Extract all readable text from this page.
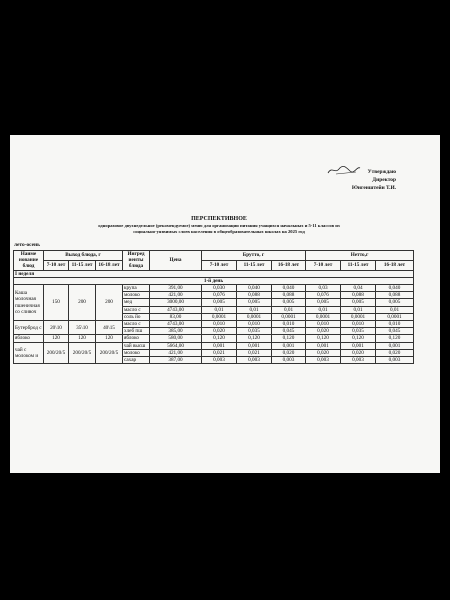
Утверждаю
Директор
Юнгенштейн Т.И.
ПЕРСПЕКТИВНОЕ
одноразовое двухнедельное (рекомендуемое) меню для организации питания учащихся начальных и 5-11 классов из
социально-уязвимых слоев населения в общеобразовательных школах на 2025 год
лето-осень
Наиме нование блюд	Выход блюда, г			Ингред иенты блюда	Цена	Брутто, г			Нетто,г		
	7-10 лет	11-15 лет	16-18 лет			7-10 лет	11-15 лет	16-18 лет	7-10 лет	11-15 лет	16-18 лет
I неделя											
1-й день											
Каша молочная пшеничная со сливоч	150	200	200	крупа	391,00	0,030	0,040	0,040	0,03	0,04	0,040
				молоко	421,00	0,076	0,088	0,088	0,076	0,088	0,088
				мед	3000,00	0,005	0,005	0,005	0,005	0,005	0,005
				масло с	4743,00	0,01	0,01	0,01	0,01	0,01	0,01
				соль йо	83,00	0,0001	0,0001	0,0001	0,0001	0,0001	0,0001
Бутерброд с	20\10	35\10	40\15	масло с	4743,00	0,010	0,010	0,010	0,010	0,010	0,010
				хлеб пш	385,00	0,020	0,035	0,045	0,020	0,035	0,045
яблоко	120	120	120	яблоко	580,00	0,120	0,120	0,120	0,120	0,120	0,120
чай с молоком и	200/20/5	200/20/5	200/20/5	чай высш	5664,00	0,001	0,001	0,001	0,001	0,001	0,001
				молоко	421,00	0,021	0,021	0,020	0,020	0,020	0,020
				сахар	387,00	0,003	0,003	0,003	0,003	0,003	0,003
